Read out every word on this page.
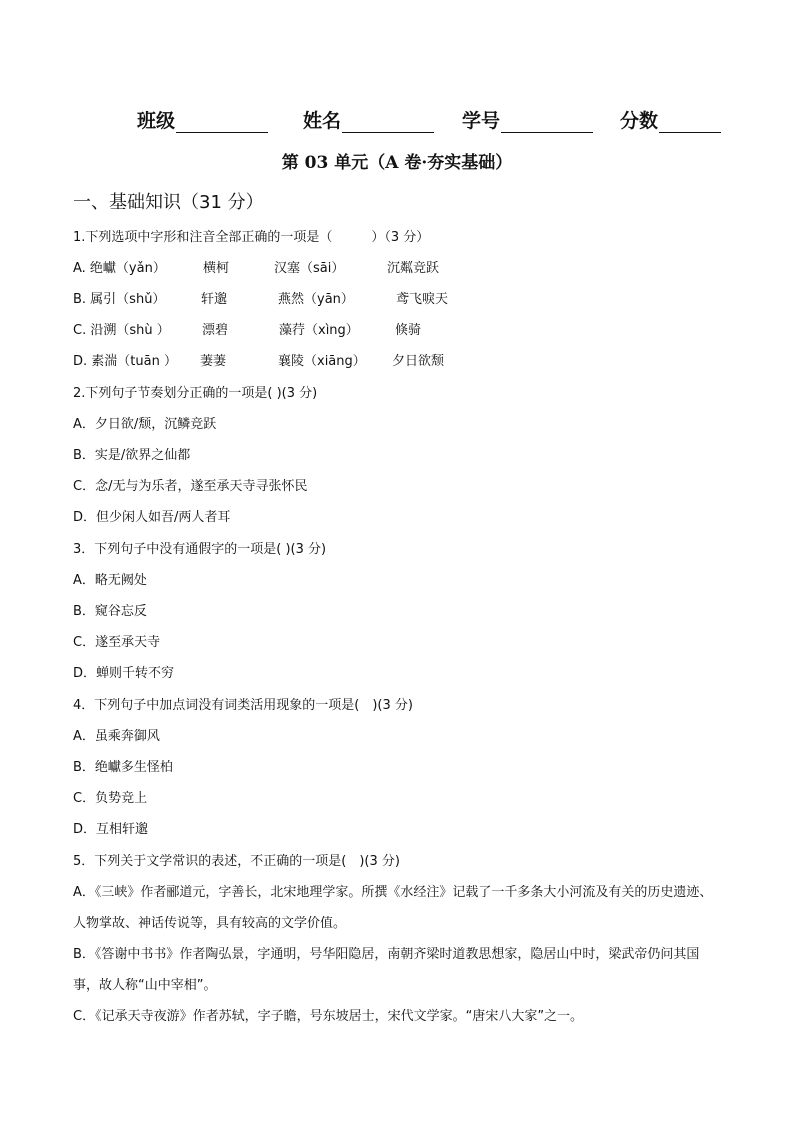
班级	姓名	学号	分数
第 03 单元（A 卷·夯实基础）
一、基础知识（31 分）
1.下列选项中字形和注音全部正确的一项是（　　　）（3 分）
A. 绝巘（yǎn）	横柯	汉塞（sāi）	沉粼竞跃
B. 属引（shǔ）	轩邈	燕然（yān）	鸢飞唳天
C. 沿溯（shù ） 漂碧	藻荇（xìng）	倏骑
D. 素湍（tuān ） 萋萋	襄陵（xiāng） 夕日欲颓
2.下列句子节奏划分正确的一项是( )(3 分)
A．夕日欲/颓，沉鳞竞跃
B．实是/欲界之仙都
C．念/无与为乐者，遂至承天寺寻张怀民
D．但少闲人如吾/两人者耳
3．下列句子中没有通假字的一项是( )(3 分)
A．略无阙处
B．窥谷忘反
C．遂至承天寺
D．蝉则千转不穷
4．下列句子中加点词没有词类活用现象的一项是(　)(3 分)
A．虽乘奔御风
B．绝巘多生怪柏
C．负势竞上
D．互相轩邈
5．下列关于文学常识的表述，不正确的一项是(　)(3 分)
A．《三峡》作者郦道元，字善长，北宋地理学家。所撰《水经注》记载了一千多条大小河流及有关的历史遗迹、人物掌故、神话传说等，具有较高的文学价值。
B．《答谢中书书》作者陶弘景，字通明，号华阳隐居，南朝齐梁时道教思想家，隐居山中时，梁武帝仍问其国事，故人称“山中宰相”。
C．《记承天寺夜游》作者苏轼，字子瞻，号东坡居士，宋代文学家。“唐宋八大家”之一。
